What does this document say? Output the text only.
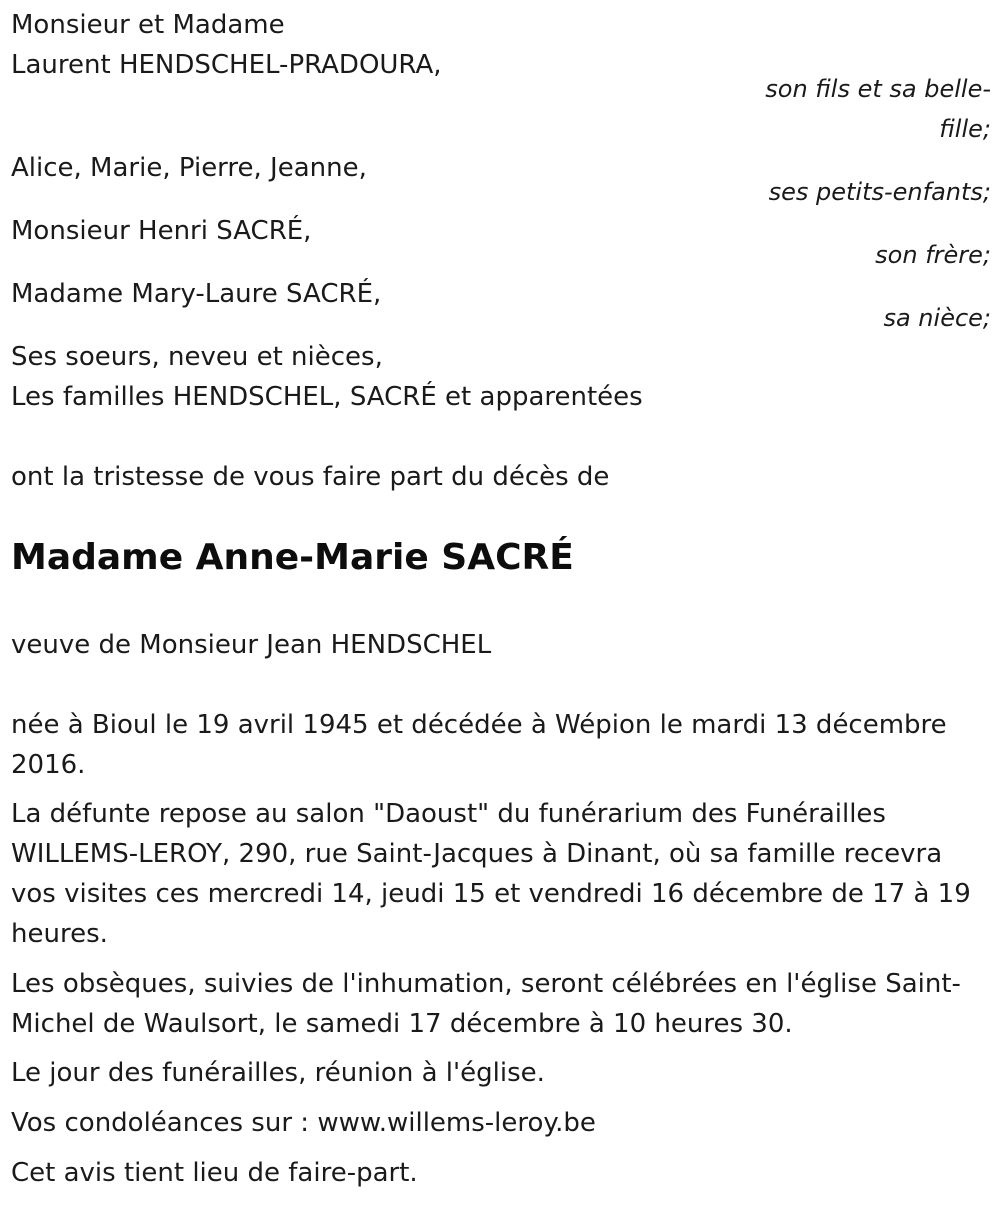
Monsieur et Madame
Laurent HENDSCHEL-PRADOURA,
son fils et sa belle-
fille;
Alice, Marie, Pierre, Jeanne,
ses petits-enfants;
Monsieur Henri SACRÉ,
son frère;
Madame Mary-Laure SACRÉ,
sa nièce;
Ses soeurs, neveu et nièces,
Les familles HENDSCHEL, SACRÉ et apparentées
ont la tristesse de vous faire part du décès de
Madame Anne-Marie SACRÉ
veuve de Monsieur Jean HENDSCHEL
née à Bioul le 19 avril 1945 et décédée à Wépion le mardi 13 décembre
2016.
La défunte repose au salon "Daoust" du funérarium des Funérailles
WILLEMS-LEROY, 290, rue Saint-Jacques à Dinant, où sa famille recevra
vos visites ces mercredi 14, jeudi 15 et vendredi 16 décembre de 17 à 19
heures.
Les obsèques, suivies de l'inhumation, seront célébrées en l'église Saint-
Michel de Waulsort, le samedi 17 décembre à 10 heures 30.
Le jour des funérailles, réunion à l'église.
Vos condoléances sur : www.willems-leroy.be
Cet avis tient lieu de faire-part.
